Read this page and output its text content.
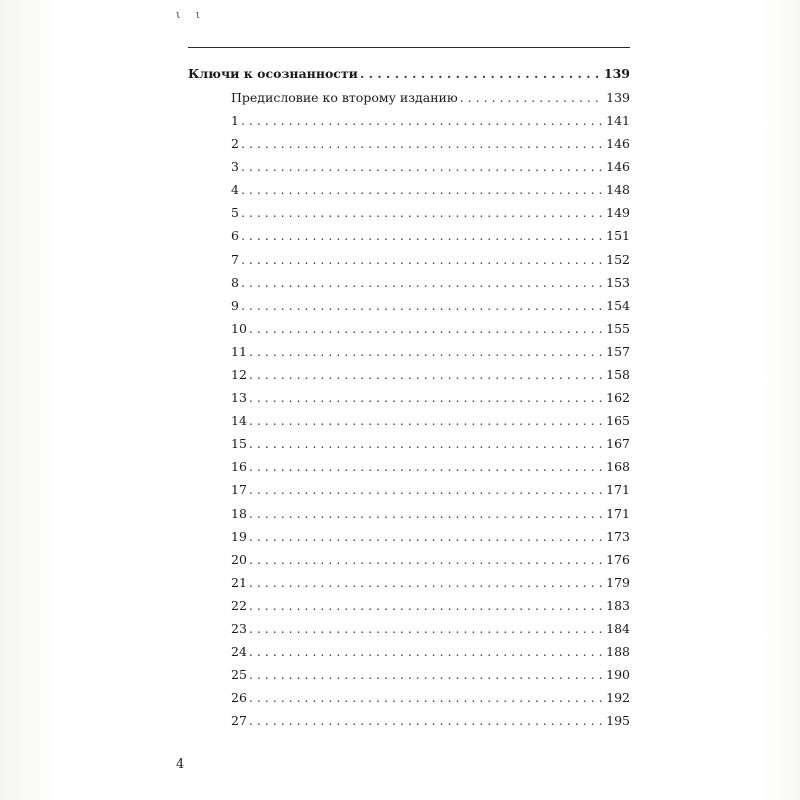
ι ι
Ключи к осознанности . . .	139
Предисловие ко второму изданию . . .	139
1 . . .	141
2 . . .	146
3 . . .	146
4 . . .	148
5 . . .	149
6 . . .	151
7 . . .	152
8 . . .	153
9 . . .	154
10 . . .	155
11 . . .	157
12 . . .	158
13 . . .	162
14 . . .	165
15 . . .	167
16 . . .	168
17 . . .	171
18 . . .	171
19 . . .	173
20 . . .	176
21 . . .	179
22 . . .	183
23 . . .	184
24 . . .	188
25 . . .	190
26 . . .	192
27 . . .	195
4
